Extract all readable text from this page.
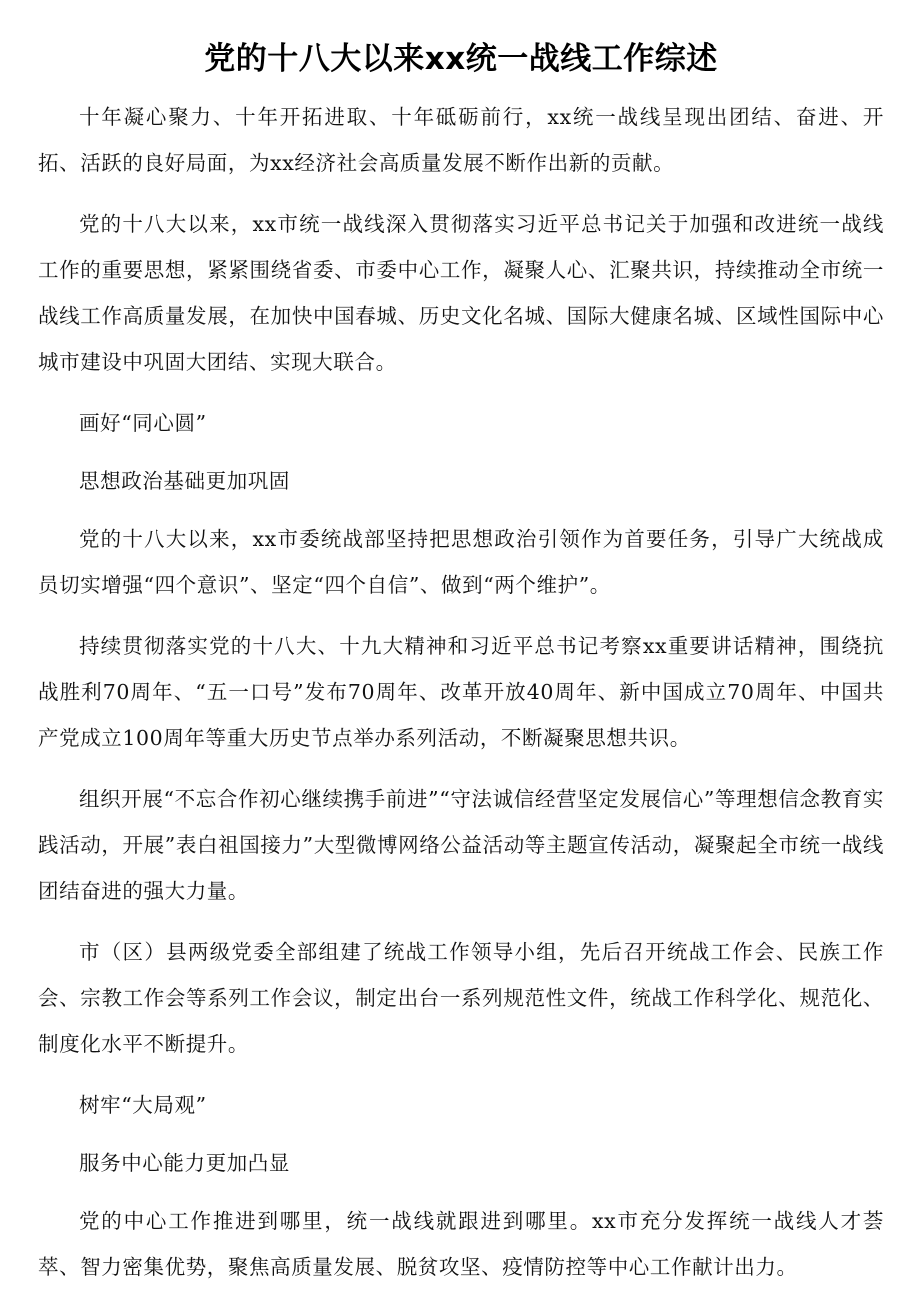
党的十八大以来xx统一战线工作综述

十年凝心聚力、十年开拓进取、十年砥砺前行，xx统一战线呈现出团结、奋进、开拓、活跃的良好局面，为xx经济社会高质量发展不断作出新的贡献。

党的十八大以来，xx市统一战线深入贯彻落实习近平总书记关于加强和改进统一战线工作的重要思想，紧紧围绕省委、市委中心工作，凝聚人心、汇聚共识，持续推动全市统一战线工作高质量发展，在加快中国春城、历史文化名城、国际大健康名城、区域性国际中心城市建设中巩固大团结、实现大联合。

画好“同心圆”

思想政治基础更加巩固

党的十八大以来，xx市委统战部坚持把思想政治引领作为首要任务，引导广大统战成员切实增强“四个意识”、坚定“四个自信”、做到“两个维护”。

持续贯彻落实党的十八大、十九大精神和习近平总书记考察xx重要讲话精神，围绕抗战胜利70周年、“五一口号”发布70周年、改革开放40周年、新中国成立70周年、中国共产党成立100周年等重大历史节点举办系列活动，不断凝聚思想共识。

组织开展“不忘合作初心继续携手前进”“守法诚信经营坚定发展信心”等理想信念教育实践活动，开展”表白祖国接力”大型微博网络公益活动等主题宣传活动，凝聚起全市统一战线团结奋进的强大力量。

市（区）县两级党委全部组建了统战工作领导小组，先后召开统战工作会、民族工作会、宗教工作会等系列工作会议，制定出台一系列规范性文件，统战工作科学化、规范化、制度化水平不断提升。

树牢“大局观”

服务中心能力更加凸显

党的中心工作推进到哪里，统一战线就跟进到哪里。xx市充分发挥统一战线人才荟萃、智力密集优势，聚焦高质量发展、脱贫攻坚、疫情防控等中心工作献计出力。
